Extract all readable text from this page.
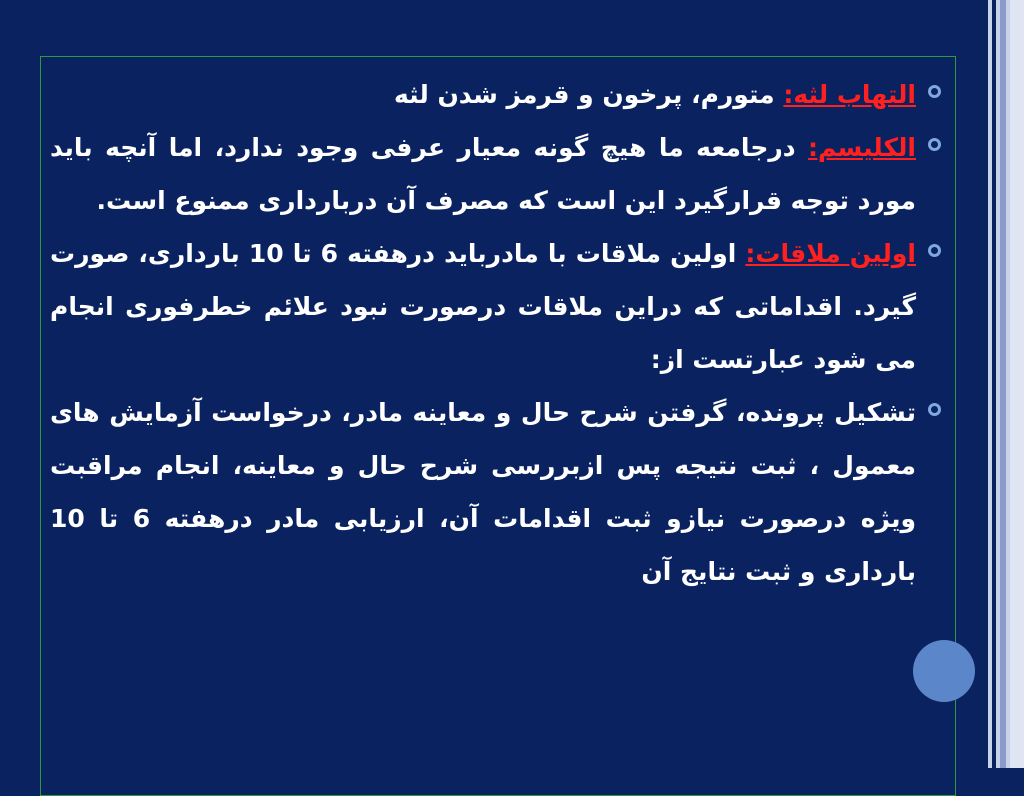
التهاب لثه: متورم، پرخون و قرمز شدن لثه
الکلیسم: درجامعه ما هیچ گونه معیار عرفی وجود ندارد، اما آنچه باید مورد توجه قرارگیرد این است که مصرف آن دربارداری ممنوع است.
اولین ملاقات: اولین ملاقات با مادرباید درهفته 6 تا 10 بارداری، صورت گیرد. اقداماتی که دراین ملاقات درصورت نبود علائم خطرفوری انجام می شود عبارتست از:
تشکیل پرونده، گرفتن شرح حال و معاینه مادر، درخواست آزمایش های معمول ، ثبت نتیجه پس ازبررسی شرح حال و معاینه، انجام مراقبت ویژه درصورت نیازو ثبت اقدامات آن، ارزیابی مادر درهفته 6 تا 10 بارداری و ثبت نتایج آن
